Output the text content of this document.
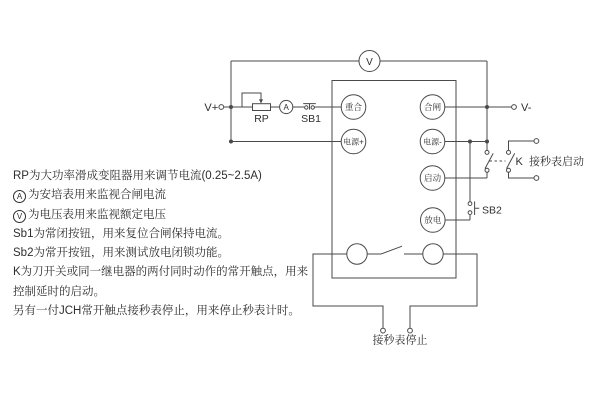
V
V+
RP
A
SB1
重合	合闸
电源+	电源-
启动
放电
V-
K 接秒表启动
SB2
接秒表停止
RP为大功率滑成变阻器用来调节电流(0.25~2.5A)
A 为安培表用来监视合闸电流
V 为电压表用来监视额定电压
Sb1为常闭按钮，用来复位合闸保持电流。
Sb2为常开按钮，用来测试放电闭锁功能。
K为刀开关或同一继电器的两付同时动作的常开触点，用来
控制延时的启动。
另有一付JCH常开触点接秒表停止，用来停止秒表计时。
